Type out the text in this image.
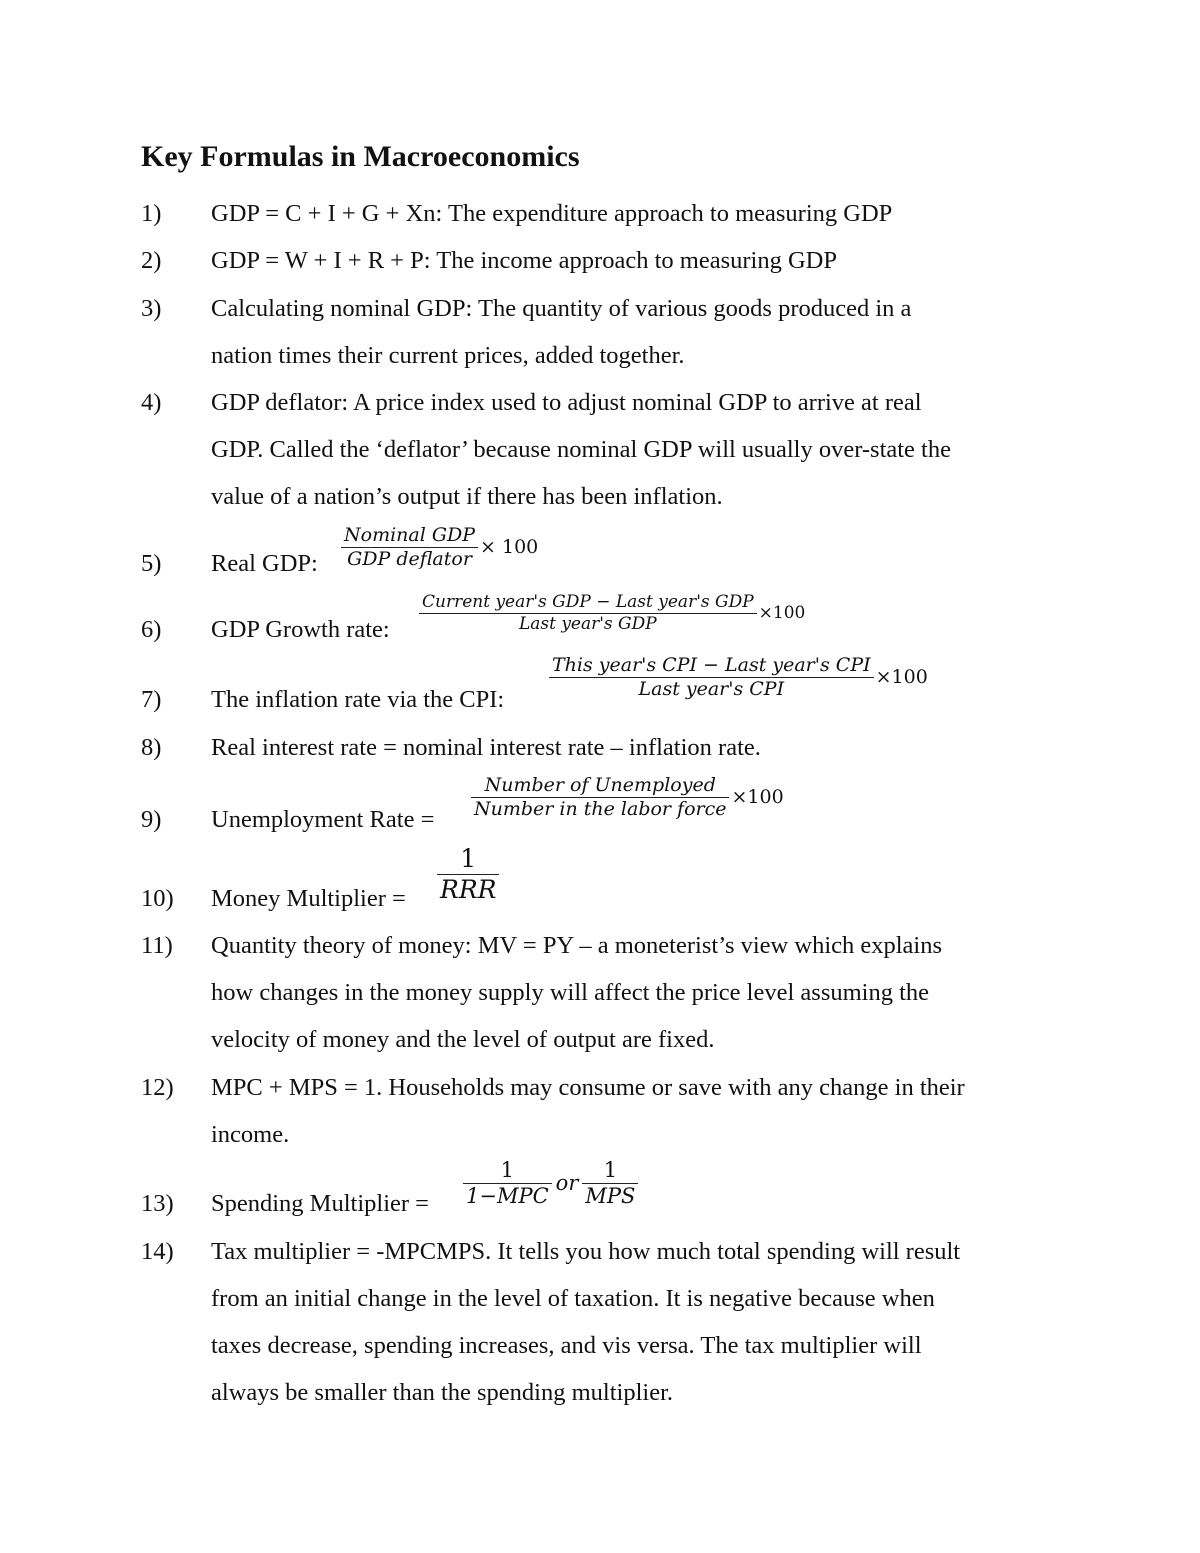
Key Formulas in Macroeconomics
1)	GDP = C + I + G + Xn: The expenditure approach to measuring GDP
2)	GDP = W + I + R + P: The income approach to measuring GDP
3)	Calculating nominal GDP: The quantity of various goods produced in a
nation times their current prices, added together.
4)	GDP deflator: A price index used to adjust nominal GDP to arrive at real
GDP. Called the ‘deflator’ because nominal GDP will usually over-state the
value of a nation’s output if there has been inflation.
5)	Real GDP: $\frac{\text{Nominal GDP}}{\text{GDP deflator}} \times 100$
6)	GDP Growth rate: $\frac{\text{Current year's GDP − Last year's GDP}}{\text{Last year's GDP}} \times 100$
7)	The inflation rate via the CPI: $\frac{\text{This year's CPI − Last year's CPI}}{\text{Last year's CPI}} \times 100$
8)	Real interest rate = nominal interest rate – inflation rate.
9)	Unemployment Rate = $\frac{\text{Number of Unemployed}}{\text{Number in the labor force}} \times 100$
10)	Money Multiplier = $\frac{1}{\text{RRR}}$
11)	Quantity theory of money: MV = PY – a moneterist’s view which explains
how changes in the money supply will affect the price level assuming the
velocity of money and the level of output are fixed.
12)	MPC + MPS = 1. Households may consume or save with any change in their
income.
13)	Spending Multiplier = $\frac{1}{\text{1−MPC}}$ or $\frac{1}{\text{MPS}}$
14)	Tax multiplier = -MPCMPS. It tells you how much total spending will result
from an initial change in the level of taxation. It is negative because when
taxes decrease, spending increases, and vis versa. The tax multiplier will
always be smaller than the spending multiplier.
